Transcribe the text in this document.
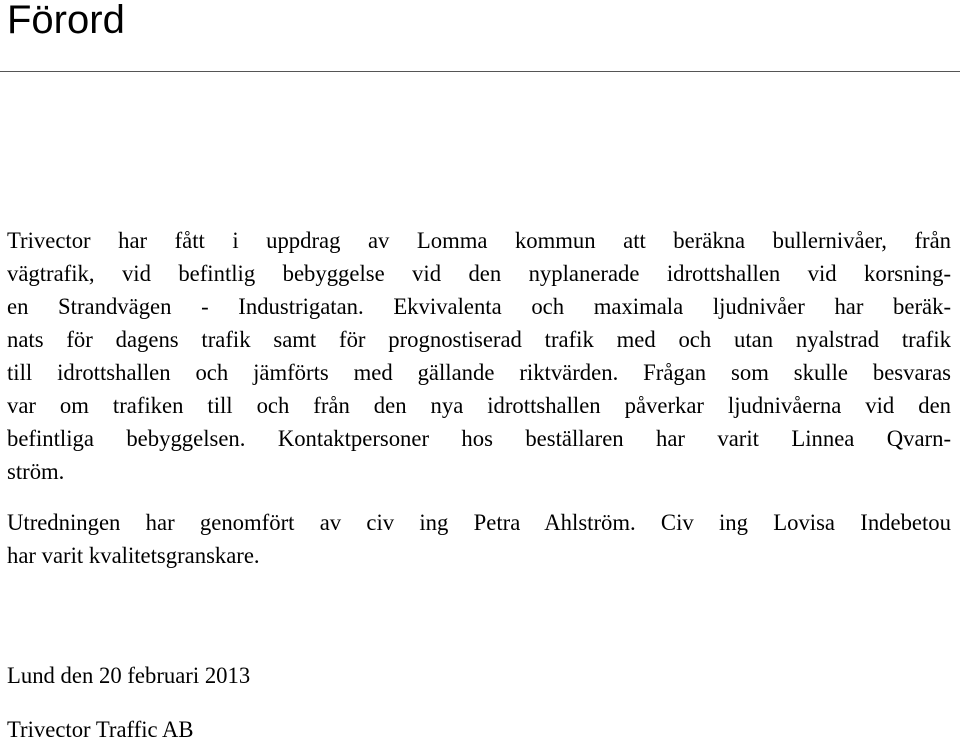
Förord

Trivector har fått i uppdrag av Lomma kommun att beräkna bullernivåer, från
vägtrafik, vid befintlig bebyggelse vid den nyplanerade idrottshallen vid korsning-
en Strandvägen - Industrigatan. Ekvivalenta och maximala ljudnivåer har beräk-
nats för dagens trafik samt för prognostiserad trafik med och utan nyalstrad trafik
till idrottshallen och jämförts med gällande riktvärden. Frågan som skulle besvaras
var om trafiken till och från den nya idrottshallen påverkar ljudnivåerna vid den
befintliga bebyggelsen. Kontaktpersoner hos beställaren har varit Linnea Qvarn-
ström.

Utredningen har genomfört av civ ing Petra Ahlström. Civ ing Lovisa Indebetou
har varit kvalitetsgranskare.

Lund den 20 februari 2013

Trivector Traffic AB
